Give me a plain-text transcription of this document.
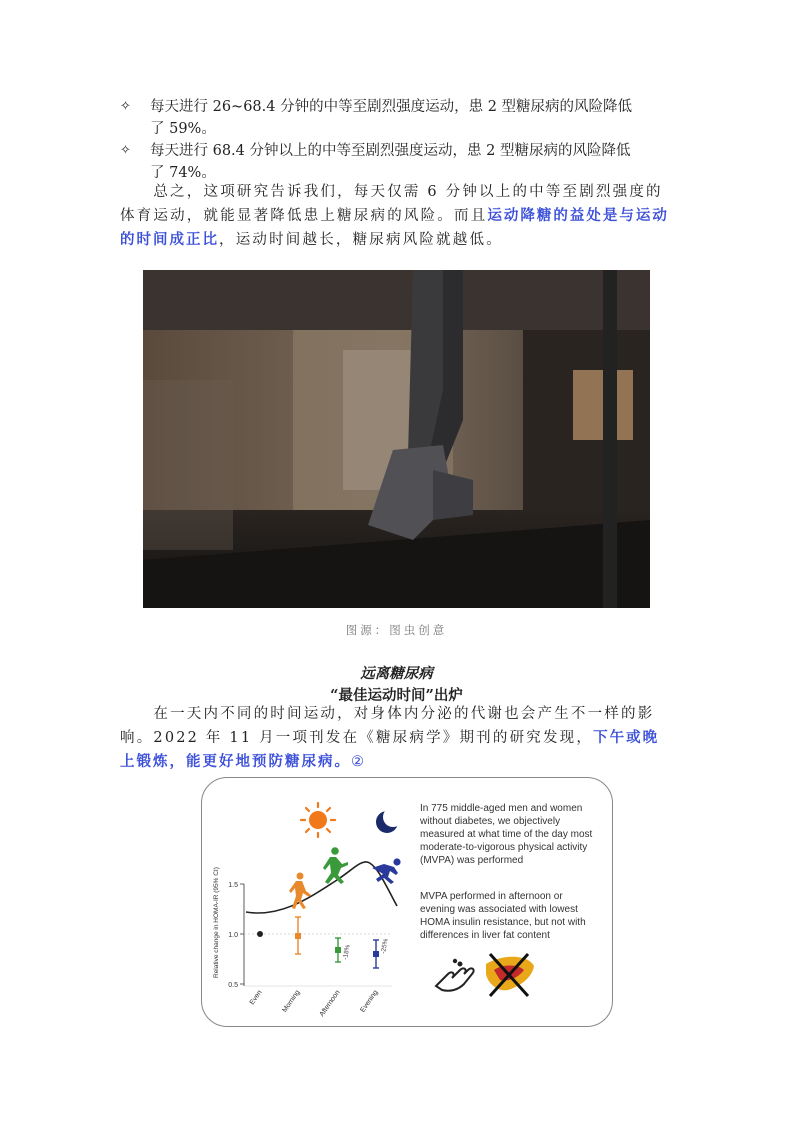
✧	每天进行 26~68.4 分钟的中等至剧烈强度运动，患 2 型糖尿病的风险降低
了 59%。
✧	每天进行 68.4 分钟以上的中等至剧烈强度运动，患 2 型糖尿病的风险降低
了 74%。
　　总之，这项研究告诉我们，每天仅需 6 分钟以上的中等至剧烈强度的体育运动，就能显著降低患上糖尿病的风险。而且运动降糖的益处是与运动的时间成正比，运动时间越长，糖尿病风险就越低。
图源：图虫创意
远离糖尿病
“最佳运动时间”出炉
　　在一天内不同的时间运动，对身体内分泌的代谢也会产生不一样的影响。2022 年 11 月一项刊发在《糖尿病学》期刊的研究发现，下午或晚上锻炼，能更好地预防糖尿病。②
1.5
1.0
0.5
Relative change in HOMA-IR (95% CI)
Even	Morning Afternoon	Evening
-18%	-25%
In 775 middle-aged men and women without diabetes, we objectively measured at what time of the day most moderate-to-vigorous physical activity (MVPA) was performed
MVPA performed in afternoon or evening was associated with lowest HOMA insulin resistance, but not with differences in liver fat content
